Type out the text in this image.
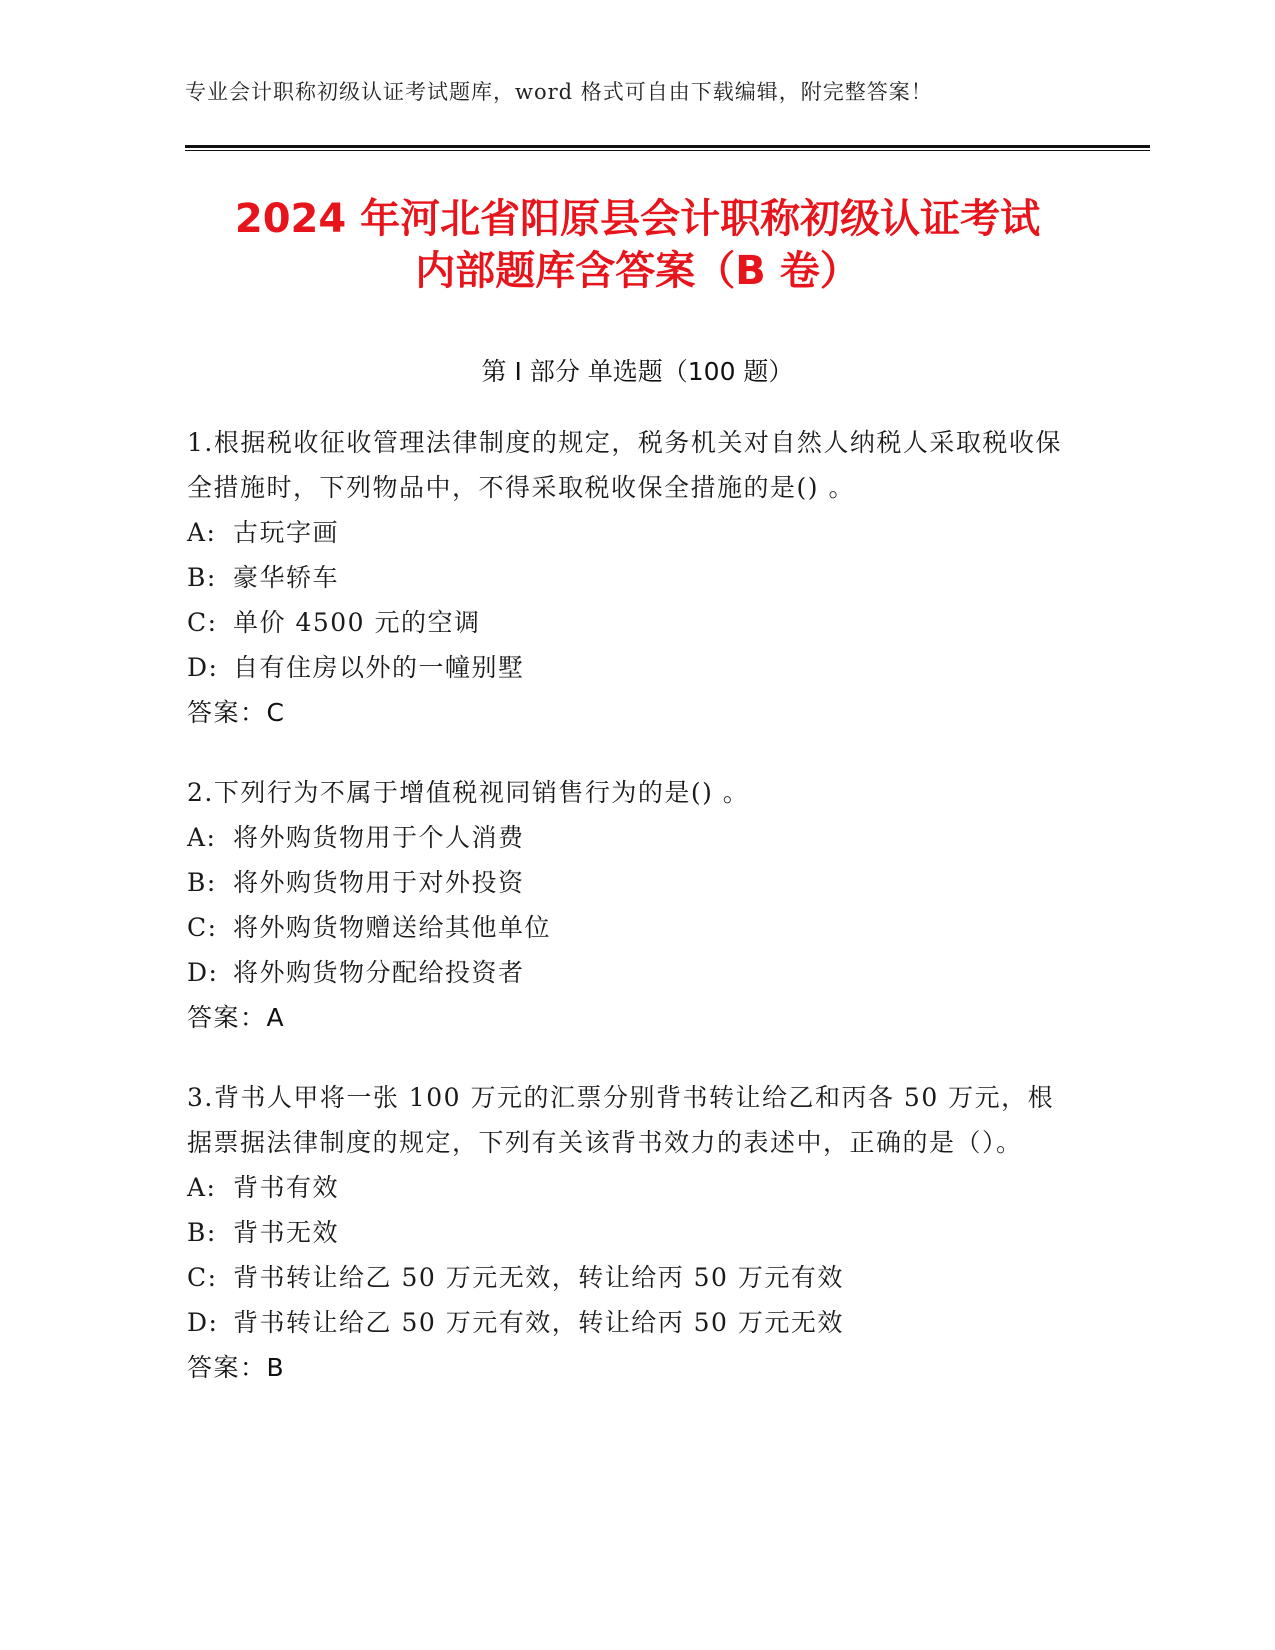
专业会计职称初级认证考试题库，word 格式可自由下载编辑，附完整答案！
2024 年河北省阳原县会计职称初级认证考试
内部题库含答案（B 卷）
第 I 部分 单选题（100 题）

1.根据税收征收管理法律制度的规定，税务机关对自然人纳税人采取税收保全措施时，下列物品中，不得采取税收保全措施的是() 。

A: 古玩字画

B: 豪华轿车

C: 单价 4500 元的空调

D: 自有住房以外的一幢别墅

答案：C

2.下列行为不属于增值税视同销售行为的是() 。

A: 将外购货物用于个人消费

B: 将外购货物用于对外投资

C: 将外购货物赠送给其他单位

D: 将外购货物分配给投资者

答案：A

3.背书人甲将一张 100 万元的汇票分别背书转让给乙和丙各 50 万元，根据票据法律制度的规定，下列有关该背书效力的表述中，正确的是（）。

A: 背书有效

B: 背书无效

C: 背书转让给乙 50 万元无效，转让给丙 50 万元有效

D: 背书转让给乙 50 万元有效，转让给丙 50 万元无效

答案：B
